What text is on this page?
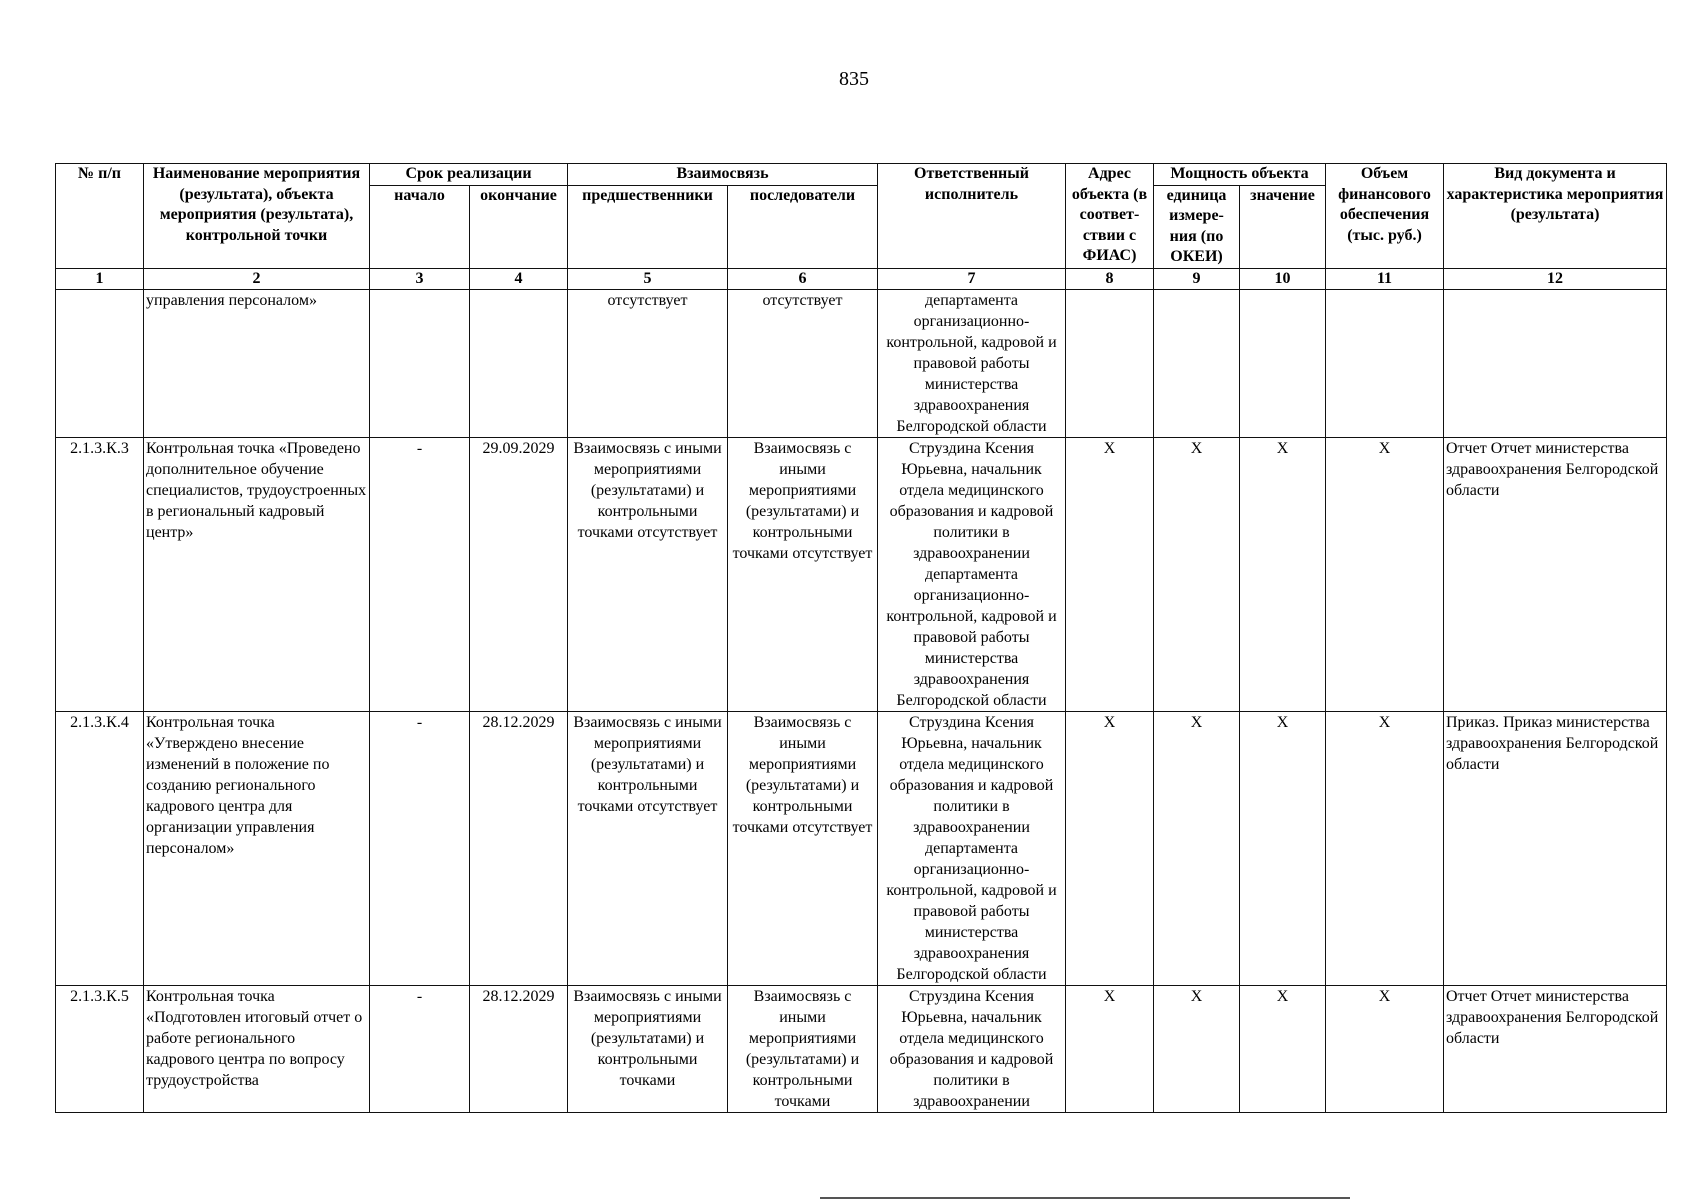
835
№ п/п	Наименование мероприятия (результата), объекта мероприятия (результата), контрольной точки	Срок реализации		Взаимосвязь		Ответственный исполнитель	Адрес объекта (в соответ-ствии с ФИАС)	Мощность объекта		Объем финансового обеспечения (тыс. руб.)	Вид документа и характеристика мероприятия (результата)
		начало	окончание	предшественники	последователи			единица измере-ния (по ОКЕИ)	значение		
1	2	3	4	5	6	7	8	9	10	11	12
	управления персоналом»			отсутствует	отсутствует	департамента организационно-контрольной, кадровой и правовой работы министерства здравоохранения Белгородской области					
2.1.3.К.3	Контрольная точка «Проведено дополнительное обучение специалистов, трудоустроенных в региональный кадровый центр»	-	29.09.2029	Взаимосвязь с иными мероприятиями (результатами) и контрольными точками отсутствует	Взаимосвязь с иными мероприятиями (результатами) и контрольными точками отсутствует	Струздина Ксения Юрьевна, начальник отдела медицинского образования и кадровой политики в здравоохранении департамента организационно-контрольной, кадровой и правовой работы министерства здравоохранения Белгородской области	X	X	X	X	Отчет Отчет министерства здравоохранения Белгородской области
2.1.3.К.4	Контрольная точка «Утверждено внесение изменений в положение по созданию регионального кадрового центра для организации управления персоналом»	-	28.12.2029	Взаимосвязь с иными мероприятиями (результатами) и контрольными точками отсутствует	Взаимосвязь с иными мероприятиями (результатами) и контрольными точками отсутствует	Струздина Ксения Юрьевна, начальник отдела медицинского образования и кадровой политики в здравоохранении департамента организационно-контрольной, кадровой и правовой работы министерства здравоохранения Белгородской области	X	X	X	X	Приказ. Приказ министерства здравоохранения Белгородской области
2.1.3.К.5	Контрольная точка «Подготовлен итоговый отчет о работе регионального кадрового центра по вопросу трудоустройства	-	28.12.2029	Взаимосвязь с иными мероприятиями (результатами) и контрольными точками	Взаимосвязь с иными мероприятиями (результатами) и контрольными точками	Струздина Ксения Юрьевна, начальник отдела медицинского образования и кадровой политики в здравоохранении	X	X	X	X	Отчет Отчет министерства здравоохранения Белгородской области
